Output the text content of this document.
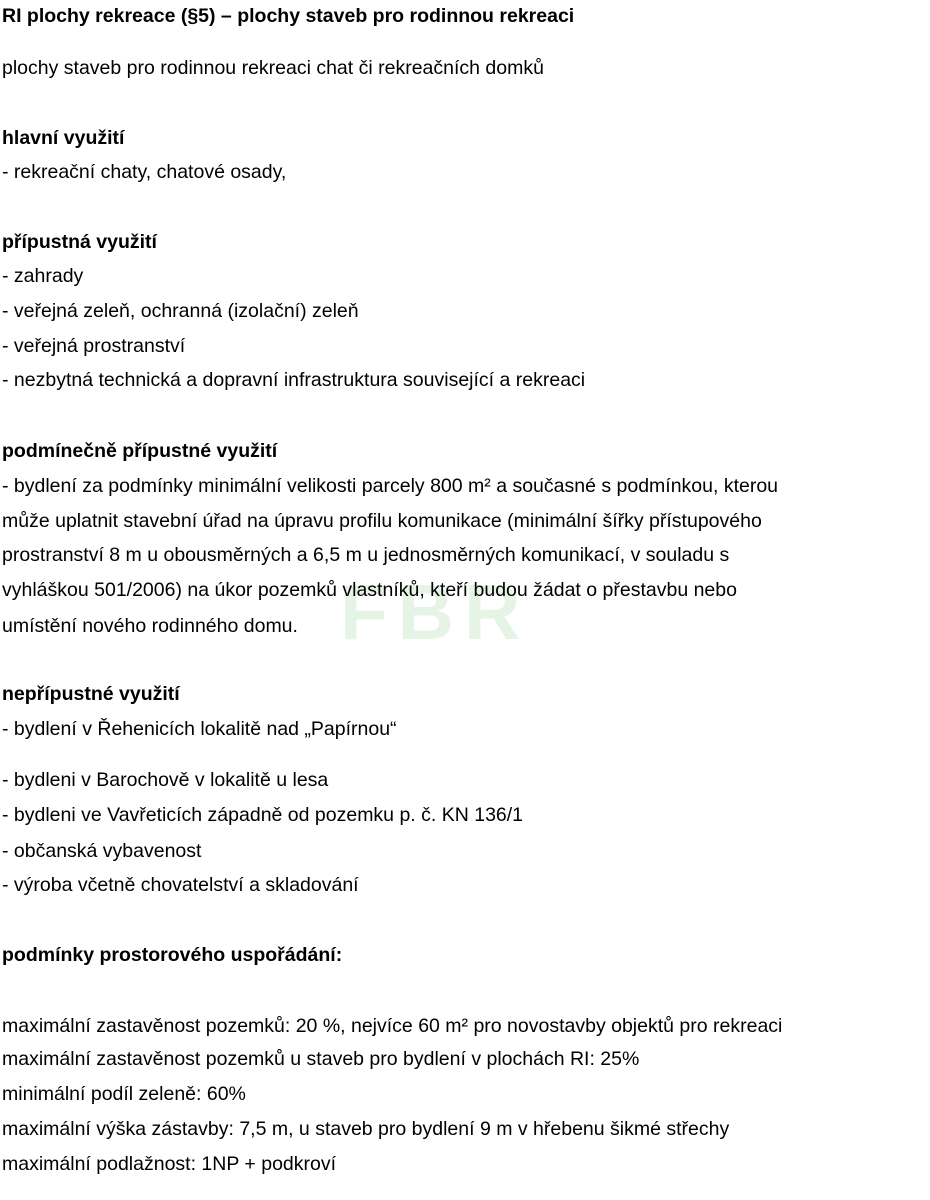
FBR
RI plochy rekreace (§5) – plochy staveb pro rodinnou rekreaci
plochy staveb pro rodinnou rekreaci chat či rekreačních domků
hlavní využití
- rekreační chaty, chatové osady,
přípustná využití
- zahrady
- veřejná zeleň, ochranná (izolační) zeleň
- veřejná prostranství
- nezbytná technická a dopravní infrastruktura související a rekreaci
podmínečně přípustné využití
- bydlení za podmínky minimální velikosti parcely 800 m² a současné s podmínkou, kterou
může uplatnit stavební úřad na úpravu profilu komunikace (minimální šířky přístupového
prostranství 8 m u obousměrných a 6,5 m u jednosměrných komunikací, v souladu s
vyhláškou 501/2006) na úkor pozemků vlastníků, kteří budou žádat o přestavbu nebo
umístění nového rodinného domu.
nepřípustné využití
- bydlení v Řehenicích lokalitě nad „Papírnou“
- bydleni v Barochově v lokalitě u lesa
- bydleni ve Vavřeticích západně od pozemku p. č. KN 136/1
- občanská vybavenost
- výroba včetně chovatelství a skladování
podmínky prostorového uspořádání:
maximální zastavěnost pozemků: 20 %, nejvíce 60 m² pro novostavby objektů pro rekreaci
maximální zastavěnost pozemků u staveb pro bydlení v plochách RI: 25%
minimální podíl zeleně: 60%
maximální výška zástavby: 7,5 m, u staveb pro bydlení 9 m v hřebenu šikmé střechy
maximální podlažnost: 1NP + podkroví
